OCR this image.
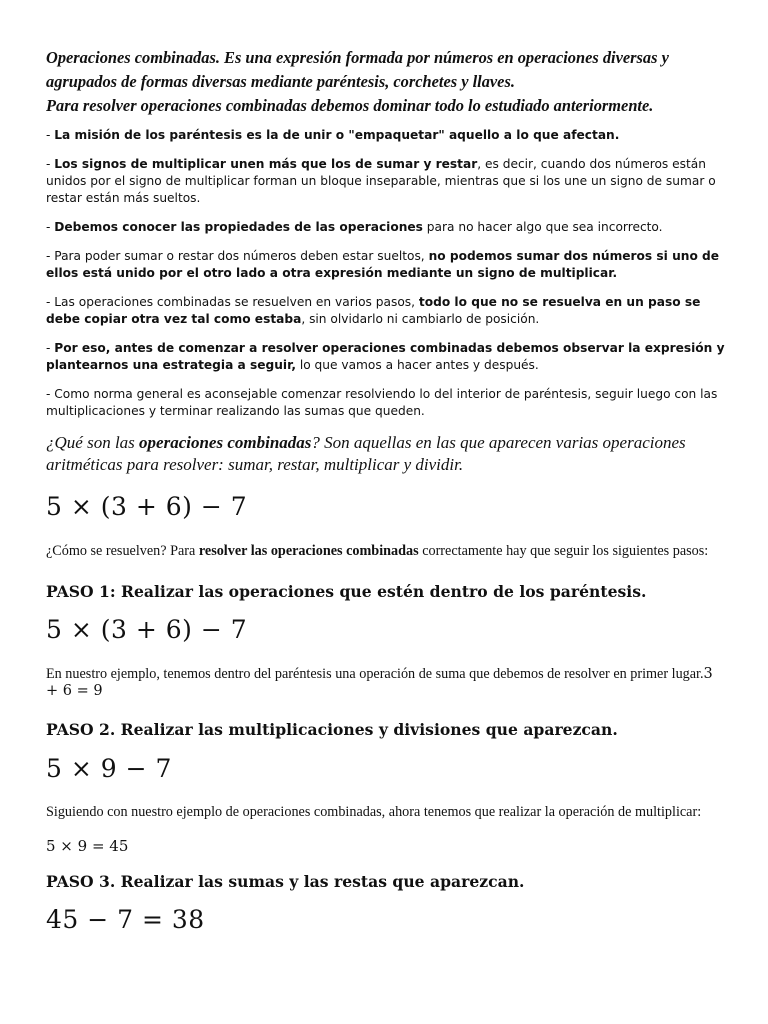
Operaciones combinadas. Es una expresión formada por números en operaciones diversas y agrupados de formas diversas mediante paréntesis, corchetes y llaves.
Para resolver operaciones combinadas debemos dominar todo lo estudiado anteriormente.

- La misión de los paréntesis es la de unir o "empaquetar" aquello a lo que afectan.

- Los signos de multiplicar unen más que los de sumar y restar, es decir, cuando dos números están unidos por el signo de multiplicar forman un bloque inseparable, mientras que si los une un signo de sumar o restar están más sueltos.

- Debemos conocer las propiedades de las operaciones para no hacer algo que sea incorrecto.

- Para poder sumar o restar dos números deben estar sueltos, no podemos sumar dos números si uno de ellos está unido por el otro lado a otra expresión mediante un signo de multiplicar.

- Las operaciones combinadas se resuelven en varios pasos, todo lo que no se resuelva en un paso se debe copiar otra vez tal como estaba, sin olvidarlo ni cambiarlo de posición.

- Por eso, antes de comenzar a resolver operaciones combinadas debemos observar la expresión y plantearnos una estrategia a seguir, lo que vamos a hacer antes y después.

- Como norma general es aconsejable comenzar resolviendo lo del interior de paréntesis, seguir luego con las multiplicaciones y terminar realizando las sumas que queden.

¿Qué son las operaciones combinadas? Son aquellas en las que aparecen varias operaciones aritméticas para resolver: sumar, restar, multiplicar y dividir.

5 × (3 + 6) − 7

¿Cómo se resuelven? Para resolver las operaciones combinadas correctamente hay que seguir los siguientes pasos:

PASO 1: Realizar las operaciones que estén dentro de los paréntesis.

5 × (3 + 6) − 7

En nuestro ejemplo, tenemos dentro del paréntesis una operación de suma que debemos de resolver en primer lugar.3 + 6 = 9

PASO 2. Realizar las multiplicaciones y divisiones que aparezcan.

5 × 9 − 7

Siguiendo con nuestro ejemplo de operaciones combinadas, ahora tenemos que realizar la operación de multiplicar:

5 × 9 = 45

PASO 3. Realizar las sumas y las restas que aparezcan.

45 − 7 = 38
